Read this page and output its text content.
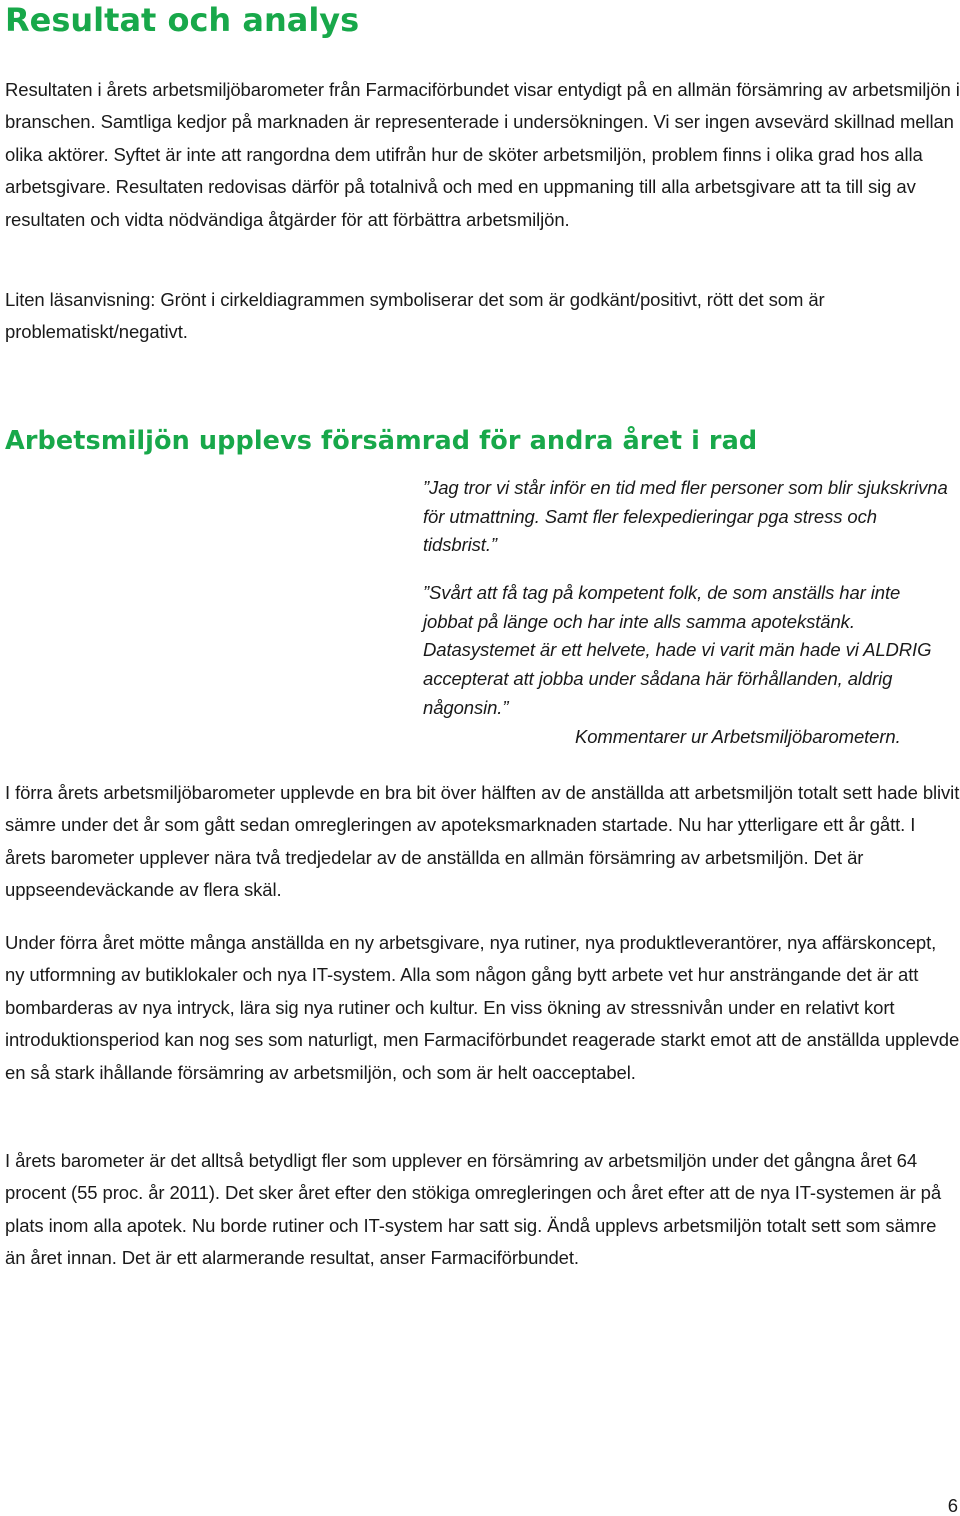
Resultat och analys

Resultaten i årets arbetsmiljöbarometer från Farmaciförbundet visar entydigt på en allmän försämring av arbetsmiljön i branschen. Samtliga kedjor på marknaden är representerade i undersökningen. Vi ser ingen avsevärd skillnad mellan olika aktörer. Syftet är inte att rangordna dem utifrån hur de sköter arbetsmiljön, problem finns i olika grad hos alla arbetsgivare. Resultaten redovisas därför på totalnivå och med en uppmaning till alla arbetsgivare att ta till sig av resultaten och vidta nödvändiga åtgärder för att förbättra arbetsmiljön.

Liten läsanvisning: Grönt i cirkeldiagrammen symboliserar det som är godkänt/positivt, rött det som är problematiskt/negativt.

Arbetsmiljön upplevs försämrad för andra året i rad

”Jag tror vi står inför en tid med fler personer som blir sjukskrivna för utmattning. Samt fler felexpedieringar pga stress och tidsbrist.”

”Svårt att få tag på kompetent folk, de som anställs har inte jobbat på länge och har inte alls samma apotekstänk. Datasystemet är ett helvete, hade vi varit män hade vi ALDRIG accepterat att jobba under sådana här förhållanden, aldrig någonsin.”

Kommentarer ur Arbetsmiljöbarometern.

I förra årets arbetsmiljöbarometer upplevde en bra bit över hälften av de anställda att arbetsmiljön totalt sett hade blivit sämre under det år som gått sedan omregleringen av apoteksmarknaden startade. Nu har ytterligare ett år gått. I årets barometer upplever nära två tredjedelar av de anställda en allmän försämring av arbetsmiljön. Det är uppseendeväckande av flera skäl.

Under förra året mötte många anställda en ny arbetsgivare, nya rutiner, nya produktleverantörer, nya affärskoncept, ny utformning av butiklokaler och nya IT-system. Alla som någon gång bytt arbete vet hur ansträngande det är att bombarderas av nya intryck, lära sig nya rutiner och kultur. En viss ökning av stressnivån under en relativt kort introduktionsperiod kan nog ses som naturligt, men Farmaciförbundet reagerade starkt emot att de anställda upplevde en så stark ihållande försämring av arbetsmiljön, och som är helt oacceptabel.

I årets barometer är det alltså betydligt fler som upplever en försämring av arbetsmiljön under det gångna året 64 procent (55 proc. år 2011). Det sker året efter den stökiga omregleringen och året efter att de nya IT-systemen är på plats inom alla apotek. Nu borde rutiner och IT-system har satt sig. Ändå upplevs arbetsmiljön totalt sett som sämre än året innan. Det är ett alarmerande resultat, anser Farmaciförbundet.

6
